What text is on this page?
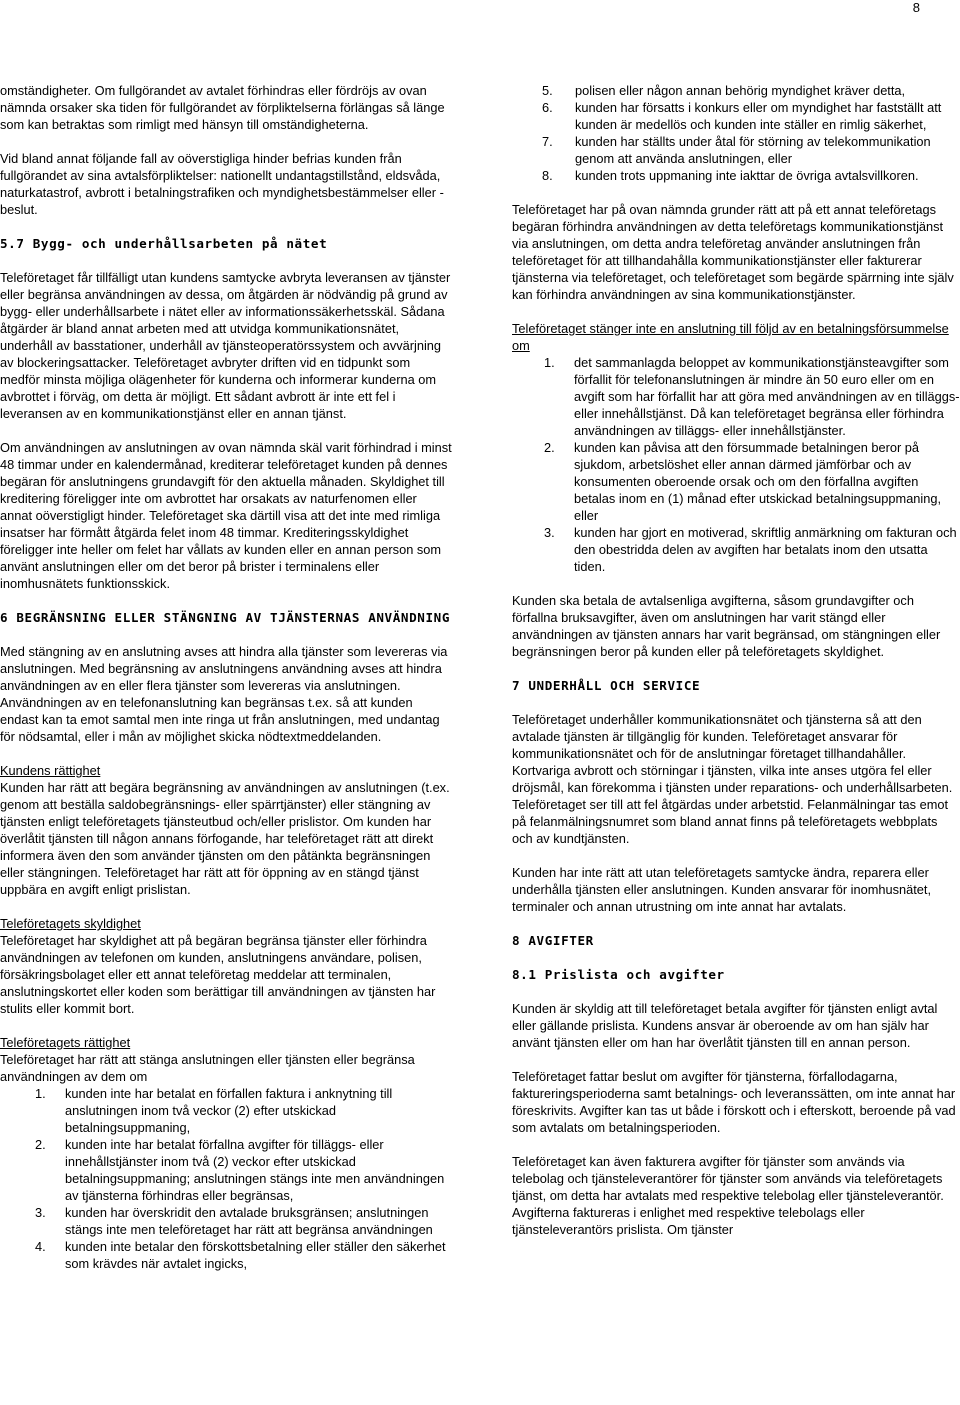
8

omständigheter. Om fullgörandet av avtalet förhindras eller fördröjs av ovan nämnda orsaker ska tiden för fullgörandet av förpliktelserna förlängas så länge som kan betraktas som rimligt med hänsyn till omständigheterna.

Vid bland annat följande fall av oöverstigliga hinder befrias kunden från fullgörandet av sina avtalsförpliktelser: nationellt undantagstillstånd, eldsvåda, naturkatastrof, avbrott i betalningstrafiken och myndighetsbestämmelser eller -beslut.

5.7 Bygg- och underhållsarbeten på nätet

Teleföretaget får tillfälligt utan kundens samtycke avbryta leveransen av tjänster eller begränsa användningen av dessa, om åtgärden är nödvändig på grund av bygg- eller underhållsarbete i nätet eller av informationssäkerhetsskäl. Sådana åtgärder är bland annat arbeten med att utvidga kommunikationsnätet, underhåll av basstationer, underhåll av tjänsteoperatörssystem och avvärjning av blockeringsattacker. Teleföretaget avbryter driften vid en tidpunkt som medför minsta möjliga olägenheter för kunderna och informerar kunderna om avbrottet i förväg, om detta är möjligt. Ett sådant avbrott är inte ett fel i leveransen av en kommunikationstjänst eller en annan tjänst.

Om användningen av anslutningen av ovan nämnda skäl varit förhindrad i minst 48 timmar under en kalendermånad, krediterar teleföretaget kunden på dennes begäran för anslutningens grundavgift för den aktuella månaden. Skyldighet till kreditering föreligger inte om avbrottet har orsakats av naturfenomen eller annat oöverstigligt hinder. Teleföretaget ska därtill visa att det inte med rimliga insatser har förmått åtgärda felet inom 48 timmar. Krediteringsskyldighet föreligger inte heller om felet har vållats av kunden eller en annan person som använt anslutningen eller om det beror på brister i terminalens eller inomhusnätets funktionsskick.

6 BEGRÄNSNING ELLER STÄNGNING AV TJÄNSTERNAS ANVÄNDNING

Med stängning av en anslutning avses att hindra alla tjänster som levereras via anslutningen. Med begränsning av anslutningens användning avses att hindra användningen av en eller flera tjänster som levereras via anslutningen. Användningen av en telefonanslutning kan begränsas t.ex. så att kunden endast kan ta emot samtal men inte ringa ut från anslutningen, med undantag för nödsamtal, eller i mån av möjlighet skicka nödtextmeddelanden.

Kundens rättighet

Kunden har rätt att begära begränsning av användningen av anslutningen (t.ex. genom att beställa saldobegränsnings- eller spärrtjänster) eller stängning av tjänsten enligt teleföretagets tjänsteutbud och/eller prislistor. Om kunden har överlåtit tjänsten till någon annans förfogande, har teleföretaget rätt att direkt informera även den som använder tjänsten om den påtänkta begränsningen eller stängningen. Teleföretaget har rätt att för öppning av en stängd tjänst uppbära en avgift enligt prislistan.

Teleföretagets skyldighet

Teleföretaget har skyldighet att på begäran begränsa tjänster eller förhindra användningen av telefonen om kunden, anslutningens användare, polisen, försäkringsbolaget eller ett annat teleföretag meddelar att terminalen, anslutningskortet eller koden som berättigar till användningen av tjänsten har stulits eller kommit bort.

Teleföretagets rättighet

Teleföretaget har rätt att stänga anslutningen eller tjänsten eller begränsa användningen av dem om

1.	kunden inte har betalat en förfallen faktura i anknytning till anslutningen inom två veckor (2) efter utskickad betalningsuppmaning,
2.	kunden inte har betalat förfallna avgifter för tilläggs- eller innehållstjänster inom två (2) veckor efter utskickad betalningsuppmaning; anslutningen stängs inte men användningen av tjänsterna förhindras eller begränsas,
3.	kunden har överskridit den avtalade bruksgränsen; anslutningen stängs inte men teleföretaget har rätt att begränsa användningen
4.	kunden inte betalar den förskottsbetalning eller ställer den säkerhet som krävdes när avtalet ingicks,
5.	polisen eller någon annan behörig myndighet kräver detta,
6.	kunden har försatts i konkurs eller om myndighet har fastställt att kunden är medellös och kunden inte ställer en rimlig säkerhet,
7.	kunden har ställts under åtal för störning av telekommunikation genom att använda anslutningen, eller
8.	kunden trots uppmaning inte iakttar de övriga avtalsvillkoren.

Teleföretaget har på ovan nämnda grunder rätt att på ett annat teleföretags begäran förhindra användningen av detta teleföretags kommunikationstjänst via anslutningen, om detta andra teleföretag använder anslutningen från teleföretaget för att tillhandahålla kommunikationstjänster eller fakturerar tjänsterna via teleföretaget, och teleföretaget som begärde spärrning inte själv kan förhindra användningen av sina kommunikationstjänster.

Teleföretaget stänger inte en anslutning till följd av en betalningsförsummelse om
1.	det sammanlagda beloppet av kommunikationstjänsteavgifter som förfallit för telefonanslutningen är mindre än 50 euro eller om en avgift som har förfallit har att göra med användningen av en tilläggs- eller innehållstjänst. Då kan teleföretaget begränsa eller förhindra användningen av tilläggs- eller innehållstjänster.
2.	kunden kan påvisa att den försummade betalningen beror på sjukdom, arbetslöshet eller annan därmed jämförbar och av konsumenten oberoende orsak och om den förfallna avgiften betalas inom en (1) månad efter utskickad betalningsuppmaning, eller
3.	kunden har gjort en motiverad, skriftlig anmärkning om fakturan och den obestridda delen av avgiften har betalats inom den utsatta tiden.

Kunden ska betala de avtalsenliga avgifterna, såsom grundavgifter och förfallna bruksavgifter, även om anslutningen har varit stängd eller användningen av tjänsten annars har varit begränsad, om stängningen eller begränsningen beror på kunden eller på teleföretagets skyldighet.

7 UNDERHÅLL OCH SERVICE

Teleföretaget underhåller kommunikationsnätet och tjänsterna så att den avtalade tjänsten är tillgänglig för kunden. Teleföretaget ansvarar för kommunikationsnätet och för de anslutningar företaget tillhandahåller. Kortvariga avbrott och störningar i tjänsten, vilka inte anses utgöra fel eller dröjsmål, kan förekomma i tjänsten under reparations- och underhållsarbeten. Teleföretaget ser till att fel åtgärdas under arbetstid. Felanmälningar tas emot på felanmälningsnumret som bland annat finns på teleföretagets webbplats och av kundtjänsten.

Kunden har inte rätt att utan teleföretagets samtycke ändra, reparera eller underhålla tjänsten eller anslutningen. Kunden ansvarar för inomhusnätet, terminaler och annan utrustning om inte annat har avtalats.

8 AVGIFTER
8.1 Prislista och avgifter

Kunden är skyldig att till teleföretaget betala avgifter för tjänsten enligt avtal eller gällande prislista. Kundens ansvar är oberoende av om han själv har använt tjänsten eller om han har överlåtit tjänsten till en annan person.

Teleföretaget fattar beslut om avgifter för tjänsterna, förfallodagarna, faktureringsperioderna samt betalnings- och leveranssätten, om inte annat har föreskrivits. Avgifter kan tas ut både i förskott och i efterskott, beroende på vad som avtalats om betalningsperioden.

Teleföretaget kan även fakturera avgifter för tjänster som används via telebolag och tjänsteleverantörer för tjänster som används via teleföretagets tjänst, om detta har avtalats med respektive telebolag eller tjänsteleverantör. Avgifterna faktureras i enlighet med respektive telebolags eller tjänsteleverantörs prislista. Om tjänster
